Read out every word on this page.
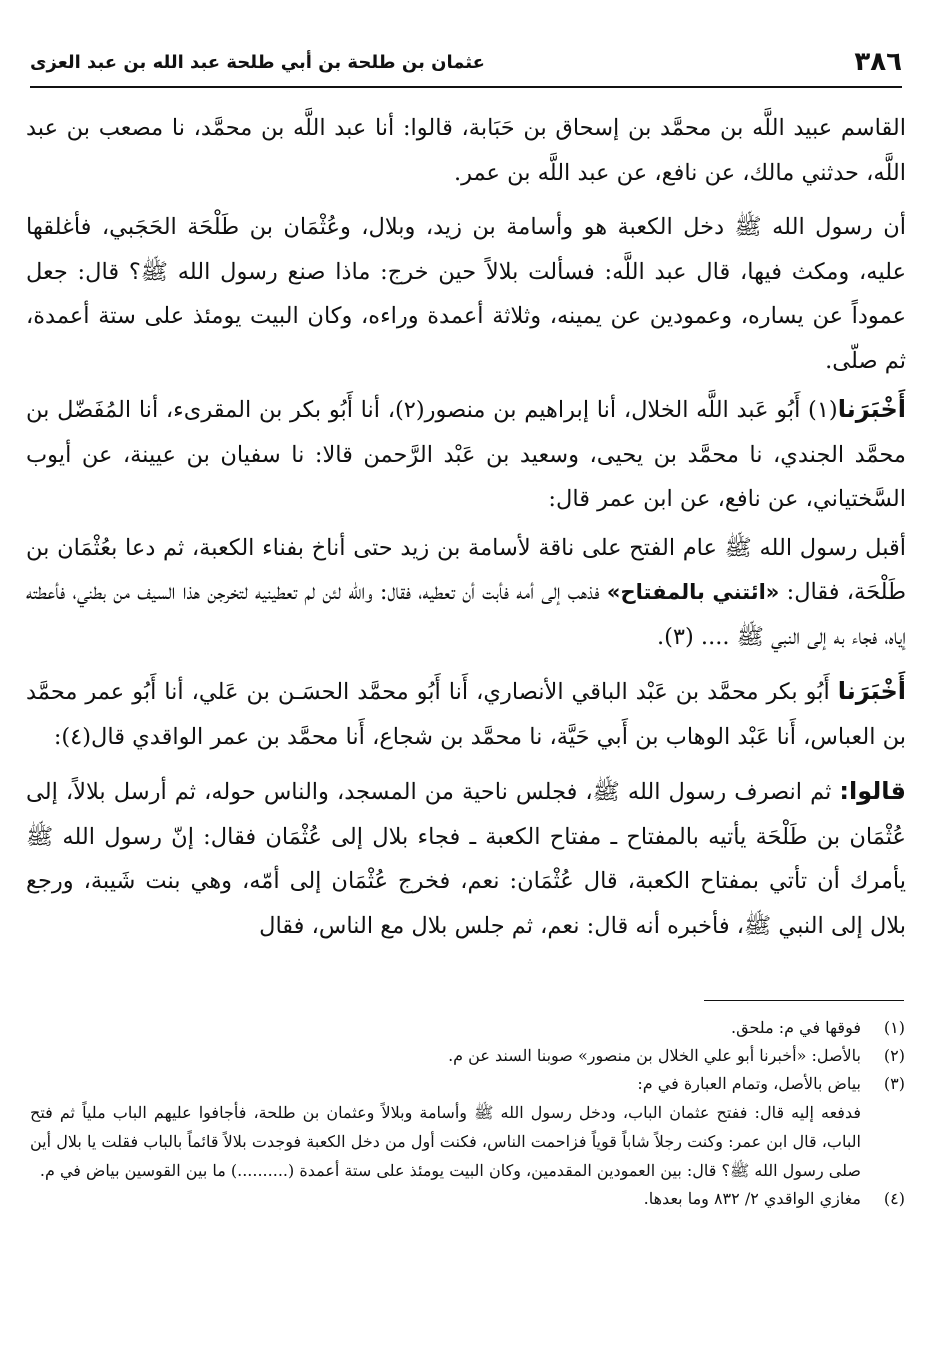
٣٨٦
عثمان بن طلحة بن أبي طلحة عبد الله بن عبد العزى

القاسم عبيد اللَّه بن محمَّد بن إسحاق بن حَبَابة، قالوا: أنا عبد اللَّه بن محمَّد، نا مصعب بن عبد اللَّه، حدثني مالك، عن نافع، عن عبد اللَّه بن عمر.

أن رسول الله ﷺ دخل الكعبة هو وأسامة بن زيد، وبلال، وعُثْمَان بن طَلْحَة الحَجَبي، فأغلقها عليه، ومكث فيها، قال عبد اللَّه: فسألت بلالاً حين خرج: ماذا صنع رسول الله ﷺ؟ قال: جعل عموداً عن يساره، وعمودين عن يمينه، وثلاثة أعمدة وراءه، وكان البيت يومئذ على ستة أعمدة، ثم صلّى.

أَخْبَرَنا(١) أَبُو عَبد اللَّه الخلال، أنا إبراهيم بن منصور(٢)، أنا أَبُو بكر بن المقرىء، أنا المُفَضّل بن محمَّد الجندي، نا محمَّد بن يحيى، وسعيد بن عَبْد الرَّحمن قالا: نا سفيان بن عيينة، عن أيوب السَّختياني، عن نافع، عن ابن عمر قال:

أقبل رسول الله ﷺ عام الفتح على ناقة لأسامة بن زيد حتى أناخ بفناء الكعبة، ثم دعا بعُثْمَان بن طَلْحَة، فقال: «ائتني بالمفتاح» فذهب إلى أمه فأبت أن تعطيه، فقال: والله لئن لم تعطينيه لتخرجن هذا السيف من بطني، فأعطته إياه، فجاء به إلى النبي ﷺ .... (٣).

أَخْبَرَنا أَبُو بكر محمَّد بن عَبْد الباقي الأنصاري، أَنا أَبُو محمَّد الحسَـن بن عَلي، أنا أَبُو عمر محمَّد بن العباس، أَنا عَبْد الوهاب بن أَبي حَيَّة، نا محمَّد بن شجاع، أَنا محمَّد بن عمر الواقدي قال(٤):

قالوا: ثم انصرف رسول الله ﷺ، فجلس ناحية من المسجد، والناس حوله، ثم أرسل بلالاً، إلى عُثْمَان بن طَلْحَة يأتيه بالمفتاح ـ مفتاح الكعبة ـ فجاء بلال إلى عُثْمَان فقال: إنّ رسول الله ﷺ يأمرك أن تأتي بمفتاح الكعبة، قال عُثْمَان: نعم، فخرج عُثْمَان إلى أمّه، وهي بنت شَيبة، ورجع بلال إلى النبي ﷺ، فأخبره أنه قال: نعم، ثم جلس بلال مع الناس، فقال

(١)
فوقها في م: ملحق.
(٢)
بالأصل: «أخبرنا أبو علي الخلال بن منصور» صوبنا السند عن م.
(٣)
بياض بالأصل، وتمام العبارة في م:
فدفعه إليه قال: ففتح عثمان الباب، ودخل رسول الله ﷺ وأسامة وبلالاً وعثمان بن طلحة، فأجافوا عليهم الباب ملياً ثم فتح الباب، قال ابن عمر: وكنت رجلاً شاباً قوياً فزاحمت الناس، فكنت أول من دخل الكعبة فوجدت بلالاً قائماً بالباب فقلت يا بلال أين صلى رسول الله ﷺ؟ قال: بين العمودين المقدمين، وكان البيت يومئذ على ستة أعمدة (..........) ما بين القوسين بياض في م.
(٤)
مغازي الواقدي ٢/ ٨٣٢ وما بعدها.
